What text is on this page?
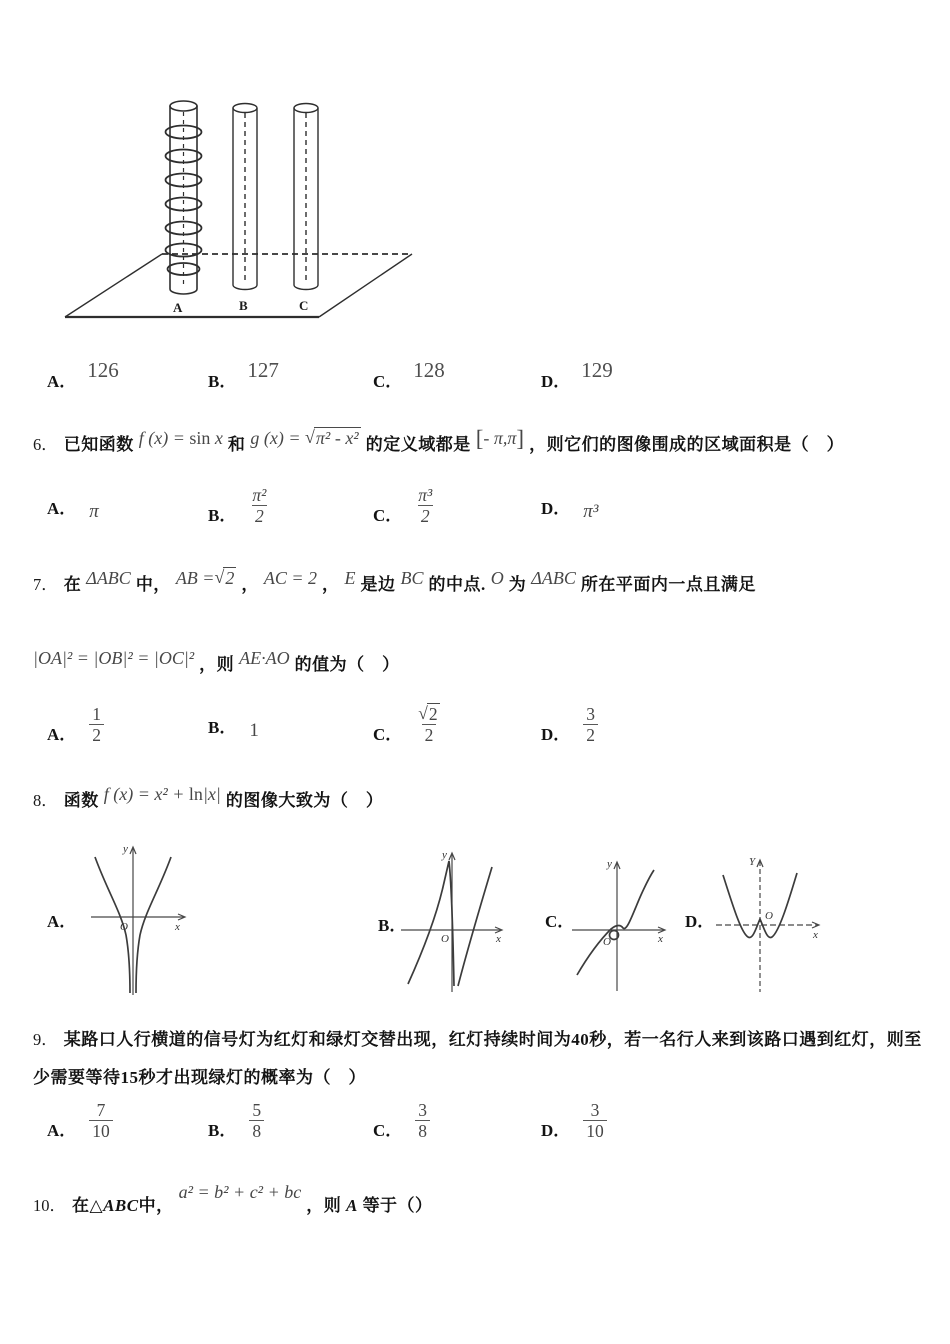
A	B	C
A． 126	B． 127	C． 128	D． 129
6． 已知函数 f (x) = sin x 和 g (x) = √π² - x² 的定义域都是 [- π,π] ，则它们的图像围成的区域面积是（　）
A． π	B． $\frac{\text{π²}}{2}$	C． $\frac{\text{π³}}{2}$	D． π³
7． 在 ΔABC 中， AB =√2 ， AC = 2 ， E 是边 BC 的中点. O 为 ΔABC 所在平面内一点且满足
|OA|² = |OB|² = |OC|² ，则 AE·AO 的值为（　）
A． $\frac{1}{2}$	B． 1	C． $\frac{√2}{2}$	D． $\frac{3}{2}$
8． 函数 f (x) = x² + ln|x| 的图像大致为（　）
A．	B．	C．	D．
y
x
O
y
x
O
y
x
O
Y
x
O
9． 某路口人行横道的信号灯为红灯和绿灯交替出现，红灯持续时间为40秒，若一名行人来到该路口遇到红灯，则至
少需要等待15秒才出现绿灯的概率为（　）
A． $\frac{7}{10}$	B． $\frac{5}{8}$	C． $\frac{3}{8}$	D． $\frac{3}{10}$
10． 在△ABC中，a² = b² + c² + bc，则 A 等于（）
